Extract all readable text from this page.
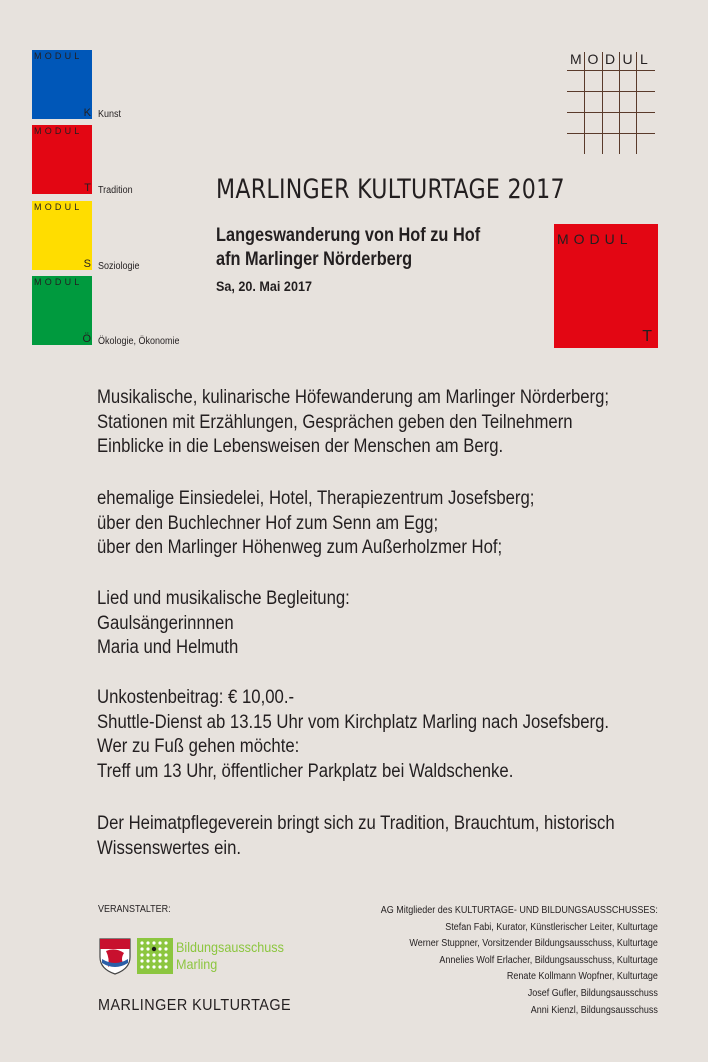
MODUL
K Kunst
MODUL
T Tradition
MODUL
S Soziologie
MODUL
Ö Ökologie, Ökonomie
M O D U L
MARLINGER KULTURTAGE 2017
Langeswanderung von Hof zu Hof
afn Marlinger Nörderberg
Sa, 20. Mai 2017
MODUL
T
Musikalische, kulinarische Höfewanderung am Marlinger Nörderberg;
Stationen mit Erzählungen, Gesprächen geben den Teilnehmern
Einblicke in die Lebensweisen der Menschen am Berg.
ehemalige Einsiedelei, Hotel, Therapiezentrum Josefsberg;
über den Buchlechner Hof zum Senn am Egg;
über den Marlinger Höhenweg zum Außerholzmer Hof;
Lied und musikalische Begleitung:
Gaulsängerinnnen
Maria und Helmuth
Unkostenbeitrag: € 10,00.-
Shuttle-Dienst ab 13.15 Uhr vom Kirchplatz Marling nach Josefsberg.
Wer zu Fuß gehen möchte:
Treff um 13 Uhr, öffentlicher Parkplatz bei Waldschenke.
Der Heimatpflegeverein bringt sich zu Tradition, Brauchtum, historisch
Wissenswertes ein.
VERANSTALTER:
Bildungsausschuss
Marling
MARLINGER KULTURTAGE
AG Mitglieder des KULTURTAGE- UND BILDUNGSAUSSCHUSSES:
Stefan Fabi, Kurator, Künstlerischer Leiter, Kulturtage
Werner Stuppner, Vorsitzender Bildungsausschuss, Kulturtage
Annelies Wolf Erlacher, Bildungsausschuss, Kulturtage
Renate Kollmann Wopfner, Kulturtage
Josef Gufler, Bildungsausschuss
Anni Kienzl, Bildungsausschuss
